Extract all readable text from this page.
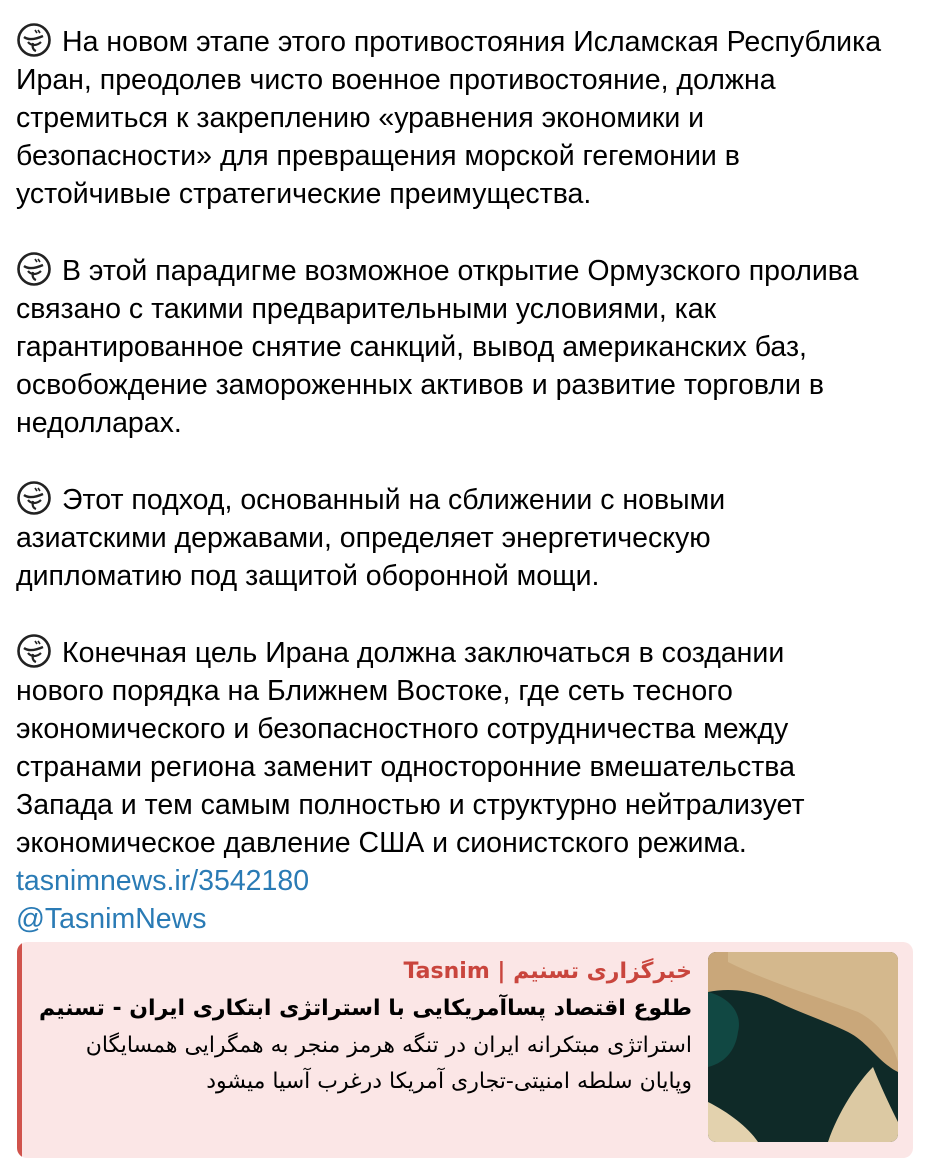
На новом этапе этого противостояния Исламская Республика
Иран, преодолев чисто военное противостояние, должна
стремиться к закреплению «уравнения экономики и
безопасности» для превращения морской гегемонии в
устойчивые стратегические преимущества.
В этой парадигме возможное открытие Ормузского пролива
связано с такими предварительными условиями, как
гарантированное снятие санкций, вывод американских баз,
освобождение замороженных активов и развитие торговли в
недолларах.
Этот подход, основанный на сближении с новыми
азиатскими державами, определяет энергетическую
дипломатию под защитой оборонной мощи.
Конечная цель Ирана должна заключаться в создании
нового порядка на Ближнем Востоке, где сеть тесного
экономического и безопасностного сотрудничества между
странами региона заменит односторонние вмешательства
Запада и тем самым полностью и структурно нейтрализует
экономическое давление США и сионистского режима.
tasnimnews.ir/3542180
@TasnimNews
خبرگزاری تسنیم | Tasnim
طلوع اقتصاد پساآمریکایی با استراتژی ابتکاری ایران - تسنیم
استراتژی مبتکرانه ایران در تنگه هرمز منجر به همگرایی همسایگان وپایان سلطه امنیتی-تجاری آمریکا درغرب آسیا میشود
